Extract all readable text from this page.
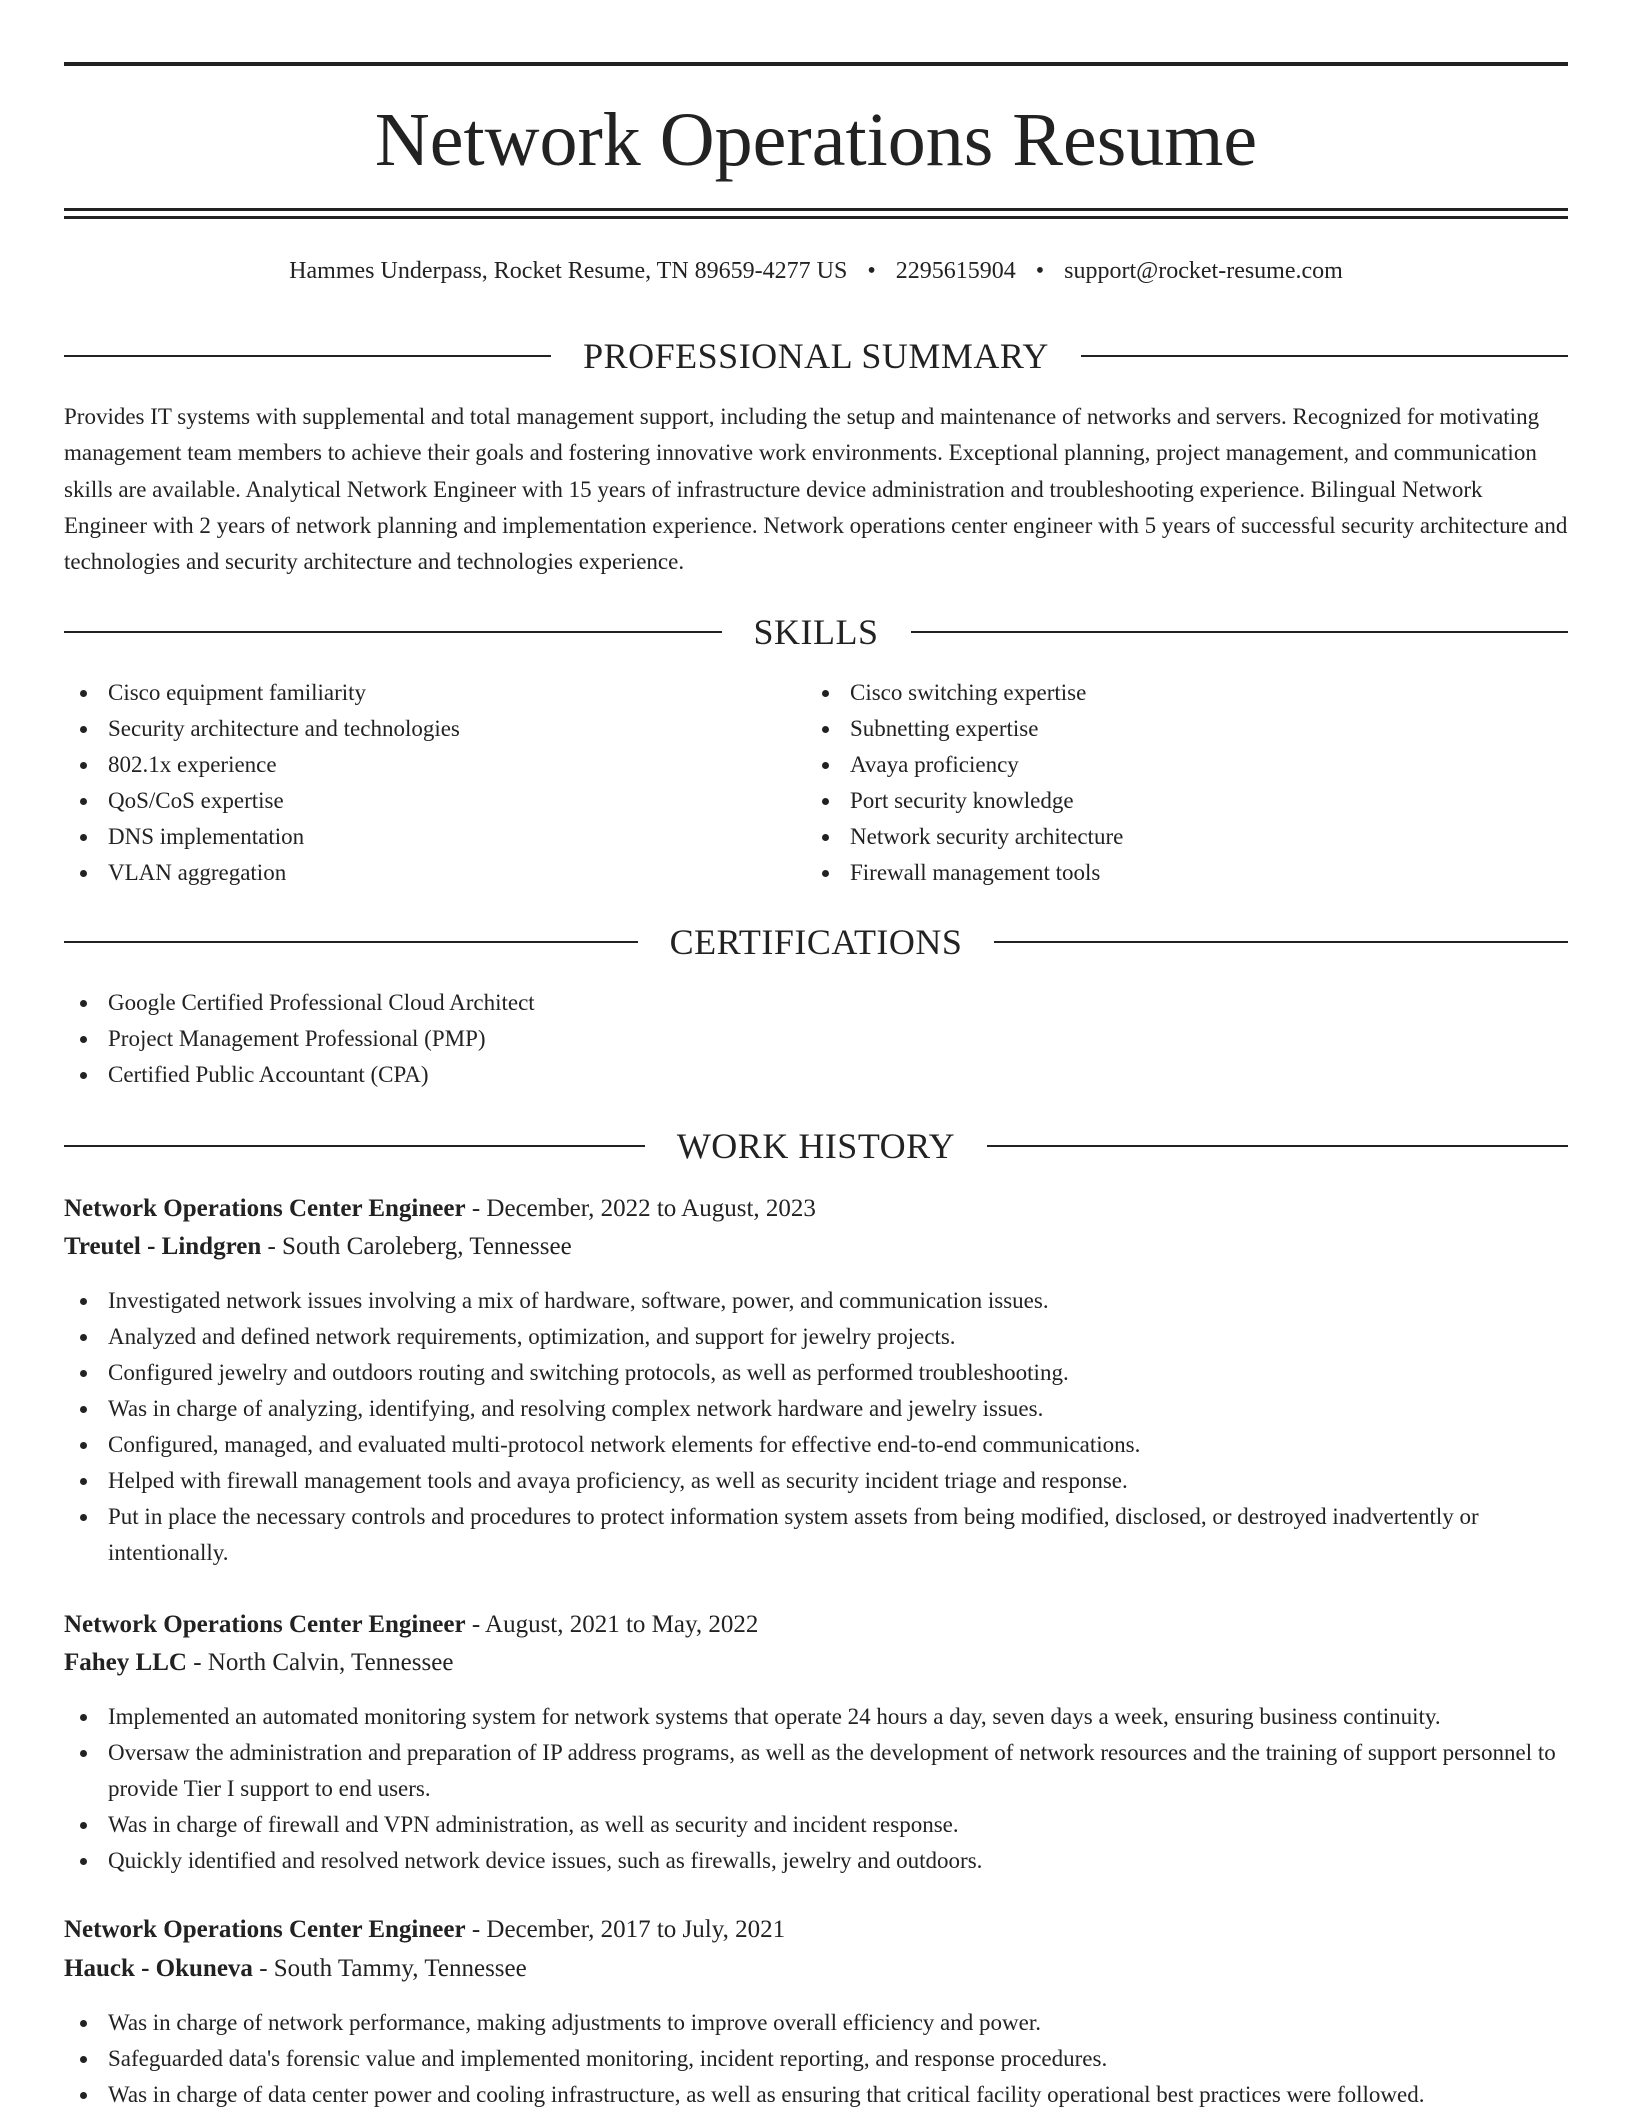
Network Operations Resume
Hammes Underpass, Rocket Resume, TN 89659-4277 US • 2295615904 • support@rocket-resume.com
PROFESSIONAL SUMMARY

Provides IT systems with supplemental and total management support, including the setup and maintenance of networks and servers. Recognized for motivating management team members to achieve their goals and fostering innovative work environments. Exceptional planning, project management, and communication skills are available. Analytical Network Engineer with 15 years of infrastructure device administration and troubleshooting experience. Bilingual Network Engineer with 2 years of network planning and implementation experience. Network operations center engineer with 5 years of successful security architecture and technologies and security architecture and technologies experience.

SKILLS
Cisco equipment familiarity
Security architecture and technologies
802.1x experience
QoS/CoS expertise
DNS implementation
VLAN aggregation
Cisco switching expertise
Subnetting expertise
Avaya proficiency
Port security knowledge
Network security architecture
Firewall management tools
CERTIFICATIONS
Google Certified Professional Cloud Architect
Project Management Professional (PMP)
Certified Public Accountant (CPA)
WORK HISTORY
Network Operations Center Engineer - December, 2022 to August, 2023
Treutel - Lindgren - South Caroleberg, Tennessee
Investigated network issues involving a mix of hardware, software, power, and communication issues.
Analyzed and defined network requirements, optimization, and support for jewelry projects.
Configured jewelry and outdoors routing and switching protocols, as well as performed troubleshooting.
Was in charge of analyzing, identifying, and resolving complex network hardware and jewelry issues.
Configured, managed, and evaluated multi-protocol network elements for effective end-to-end communications.
Helped with firewall management tools and avaya proficiency, as well as security incident triage and response.
Put in place the necessary controls and procedures to protect information system assets from being modified, disclosed, or destroyed inadvertently or intentionally.
Network Operations Center Engineer - August, 2021 to May, 2022
Fahey LLC - North Calvin, Tennessee
Implemented an automated monitoring system for network systems that operate 24 hours a day, seven days a week, ensuring business continuity.
Oversaw the administration and preparation of IP address programs, as well as the development of network resources and the training of support personnel to provide Tier I support to end users.
Was in charge of firewall and VPN administration, as well as security and incident response.
Quickly identified and resolved network device issues, such as firewalls, jewelry and outdoors.
Network Operations Center Engineer - December, 2017 to July, 2021
Hauck - Okuneva - South Tammy, Tennessee
Was in charge of network performance, making adjustments to improve overall efficiency and power.
Safeguarded data's forensic value and implemented monitoring, incident reporting, and response procedures.
Was in charge of data center power and cooling infrastructure, as well as ensuring that critical facility operational best practices were followed.
